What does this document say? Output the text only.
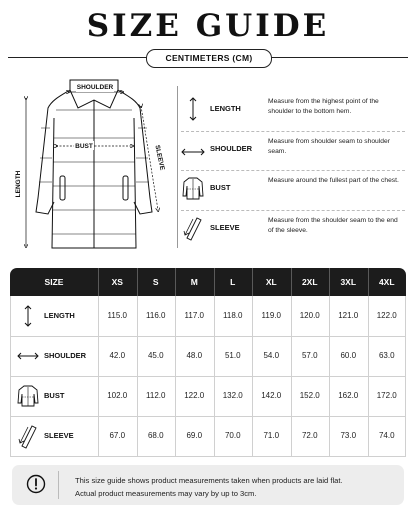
SIZE GUIDE
CENTIMETERS (CM)
SHOULDER
LENGTH
BUST	SLEEVE
LENGTH
Measure from the highest point of the shoulder to the bottom hem.
SHOULDER
Measure from shoulder seam to shoulder seam.
BUST
Measure around the fullest part of the chest.
SLEEVE
Measure from the shoulder seam to the end of the sleeve.
SIZE	XS	S	M	L	XL	2XL	3XL	4XL
LENGTH	115.0	116.0	117.0	118.0	119.0	120.0	121.0	122.0
SHOULDER	42.0	45.0	48.0	51.0	54.0	57.0	60.0	63.0
BUST	102.0	112.0	122.0	132.0	142.0	152.0	162.0	172.0
SLEEVE	67.0	68.0	69.0	70.0	71.0	72.0	73.0	74.0
This size guide shows product measurements taken when products are laid flat.
Actual product measurements may vary by up to 3cm.
